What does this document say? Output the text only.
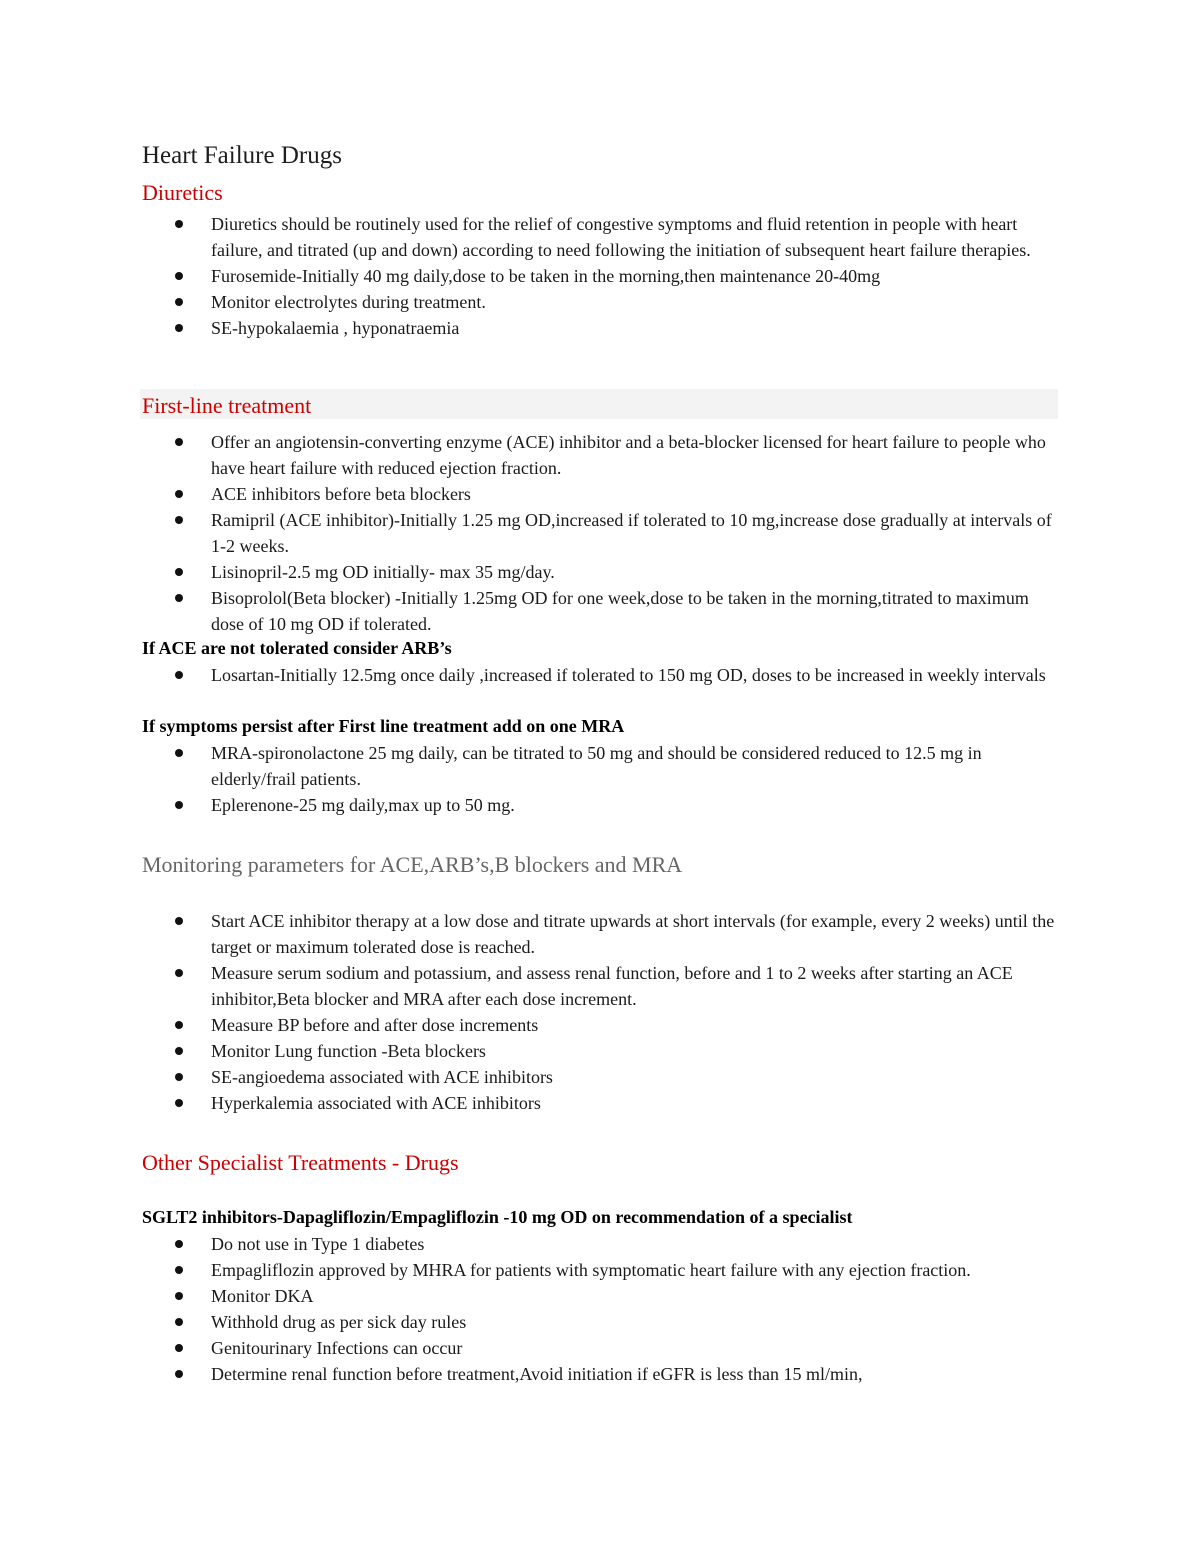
Heart Failure Drugs
Diuretics
Diuretics should be routinely used for the relief of congestive symptoms and fluid retention in people with heart failure, and titrated (up and down) according to need following the initiation of subsequent heart failure therapies.
Furosemide-Initially 40 mg daily,dose to be taken in the morning,then maintenance 20-40mg
Monitor electrolytes during treatment.
SE-hypokalaemia , hyponatraemia
First-line treatment
Offer an angiotensin-converting enzyme (ACE) inhibitor and a beta-blocker licensed for heart failure to people who have heart failure with reduced ejection fraction.
ACE inhibitors before beta blockers
Ramipril (ACE inhibitor)-Initially 1.25 mg OD,increased if tolerated to 10 mg,increase dose gradually at intervals of 1-2 weeks.
Lisinopril-2.5 mg OD initially- max 35 mg/day.
Bisoprolol(Beta blocker) -Initially 1.25mg OD for one week,dose to be taken in the morning,titrated to maximum dose of 10 mg OD if tolerated.
If ACE are not tolerated consider ARB’s
Losartan-Initially 12.5mg once daily ,increased if tolerated to 150 mg OD, doses to be increased in weekly intervals
If symptoms persist after First line treatment add on one MRA
MRA-spironolactone 25 mg daily, can be titrated to 50 mg and should be considered reduced to 12.5 mg in elderly/frail patients.
Eplerenone-25 mg daily,max up to 50 mg.
Monitoring parameters for ACE,ARB’s,B blockers and MRA
Start ACE inhibitor therapy at a low dose and titrate upwards at short intervals (for example, every 2 weeks) until the target or maximum tolerated dose is reached.
Measure serum sodium and potassium, and assess renal function, before and 1 to 2 weeks after starting an ACE inhibitor,Beta blocker and MRA after each dose increment.
Measure BP before and after dose increments
Monitor Lung function -Beta blockers
SE-angioedema associated with ACE inhibitors
Hyperkalemia associated with ACE inhibitors
Other Specialist Treatments - Drugs
SGLT2 inhibitors-Dapagliflozin/Empagliflozin -10 mg OD on recommendation of a specialist
Do not use in Type 1 diabetes
Empagliflozin approved by MHRA for patients with symptomatic heart failure with any ejection fraction.
Monitor DKA
Withhold drug as per sick day rules
Genitourinary Infections can occur
Determine renal function before treatment,Avoid initiation if eGFR is less than 15 ml/min,
